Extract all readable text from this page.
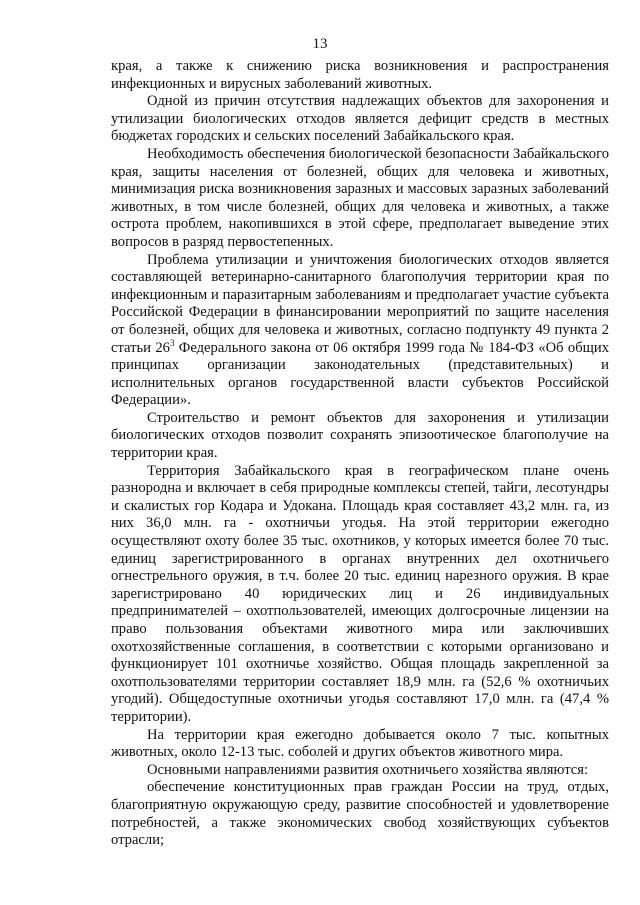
13

края, а также к снижению риска возникновения и распространения инфекционных и вирусных заболеваний животных.

Одной из причин отсутствия надлежащих объектов для захоронения и утилизации биологических отходов является дефицит средств в местных бюджетах городских и сельских поселений Забайкальского края.

Необходимость обеспечения биологической безопасности Забайкальского края, защиты населения от болезней, общих для человека и животных, минимизация риска возникновения заразных и массовых заразных заболеваний животных, в том числе болезней, общих для человека и животных, а также острота проблем, накопившихся в этой сфере, предполагает выведение этих вопросов в разряд первостепенных.

Проблема утилизации и уничтожения биологических отходов является составляющей ветеринарно-санитарного благополучия территории края по инфекционным и паразитарным заболеваниям и предполагает участие субъекта Российской Федерации в финансировании мероприятий по защите населения от болезней, общих для человека и животных, согласно подпункту 49 пункта 2 статьи $26^3$ Федерального закона от 06 октября 1999 года № 184-ФЗ «Об общих принципах организации законодательных (представительных) и исполнительных органов государственной власти субъектов Российской Федерации».

Строительство и ремонт объектов для захоронения и утилизации биологических отходов позволит сохранять эпизоотическое благополучие на территории края.

Территория Забайкальского края в географическом плане очень разнородна и включает в себя природные комплексы степей, тайги, лесотундры и скалистых гор Кодара и Удокана. Площадь края составляет 43,2 млн. га, из них 36,0 млн. га - охотничьи угодья. На этой территории ежегодно осуществляют охоту более 35 тыс. охотников, у которых имеется более 70 тыс. единиц зарегистрированного в органах внутренних дел охотничьего огнестрельного оружия, в т.ч. более 20 тыс. единиц нарезного оружия. В крае зарегистрировано 40 юридических лиц и 26 индивидуальных предпринимателей – охотпользователей, имеющих долгосрочные лицензии на право пользования объектами животного мира или заключивших охотхозяйственные соглашения, в соответствии с которыми организовано и функционирует 101 охотничье хозяйство. Общая площадь закрепленной за охотпользователями территории составляет 18,9 млн. га (52,6 % охотничьих угодий). Общедоступные охотничьи угодья составляют 17,0 млн. га (47,4 % территории).

На территории края ежегодно добывается около 7 тыс. копытных животных, около 12-13 тыс. соболей и других объектов животного мира.

Основными направлениями развития охотничьего хозяйства являются:

обеспечение конституционных прав граждан России на труд, отдых, благоприятную окружающую среду, развитие способностей и удовлетворение потребностей, а также экономических свобод хозяйствующих субъектов отрасли;
